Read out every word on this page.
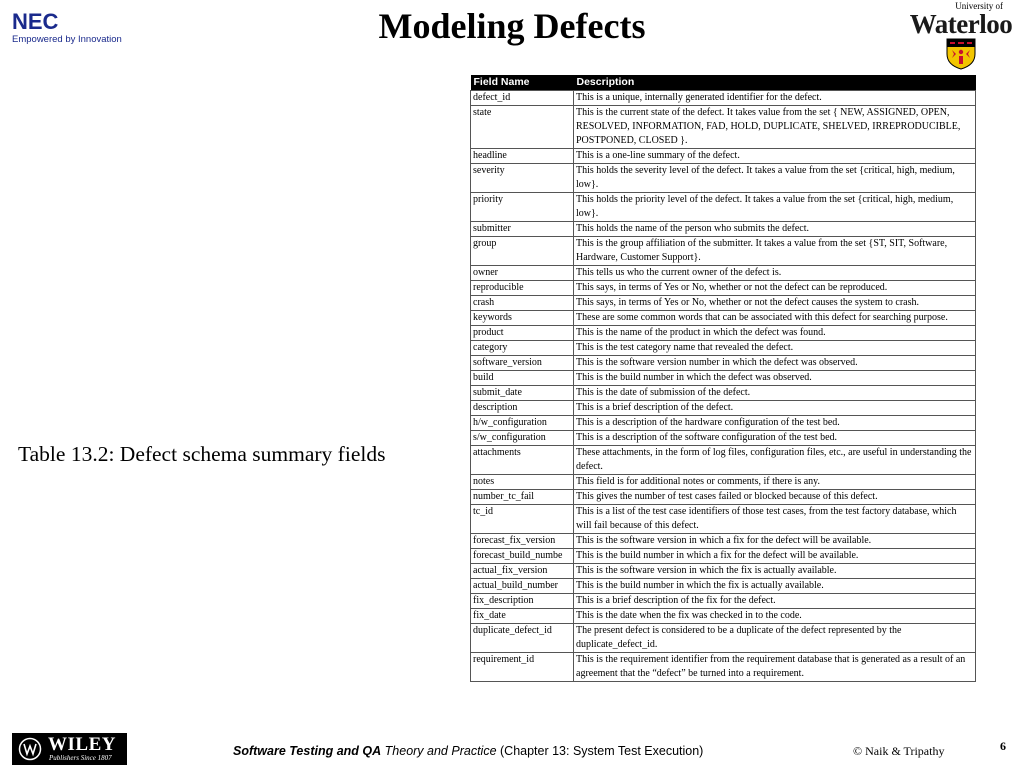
NEC
Empowered by Innovation	Modeling Defects	University of
Waterloo
Table 13.2: Defect schema summary fields
Field Name	Description
defect_id	This is a unique, internally generated identifier for the defect.
state	This is the current state of the defect. It takes value from the set { NEW, ASSIGNED, OPEN, RESOLVED, INFORMATION, FAD, HOLD, DUPLICATE, SHELVED, IRREPRODUCIBLE, POSTPONED, CLOSED }.
headline	This is a one-line summary of the defect.
severity	This holds the severity level of the defect. It takes a value from the set {critical, high, medium, low}.
priority	This holds the priority level of the defect. It takes a value from the set {critical, high, medium, low}.
submitter	This holds the name of the person who submits the defect.
group	This is the group affiliation of the submitter. It takes a value from the set {ST, SIT, Software, Hardware, Customer Support}.
owner	This tells us who the current owner of the defect is.
reproducible	This says, in terms of Yes or No, whether or not the defect can be reproduced.
crash	This says, in terms of Yes or No, whether or not the defect causes the system to crash.
keywords	These are some common words that can be associated with this defect for searching purpose.
product	This is the name of the product in which the defect was found.
category	This is the test category name that revealed the defect.
software_version	This is the software version number in which the defect was observed.
build	This is the build number in which the defect was observed.
submit_date	This is the date of submission of the defect.
description	This is a brief description of the defect.
h/w_configuration	This is a description of the hardware configuration of the test bed.
s/w_configuration	This is a description of the software configuration of the test bed.
attachments	These attachments, in the form of log files, configuration files, etc., are useful in understanding the defect.
notes	This field is for additional notes or comments, if there is any.
number_tc_fail	This gives the number of test cases failed or blocked because of this defect.
tc_id	This is a list of the test case identifiers of those test cases, from the test factory database, which will fail because of this defect.
forecast_fix_version	This is the software version in which a fix for the defect will be available.
forecast_build_numbe	This is the build number in which a fix for the defect will be available.
actual_fix_version	This is the software version in which the fix is actually available.
actual_build_number	This is the build number in which the fix is actually available.
fix_description	This is a brief description of the fix for the defect.
fix_date	This is the date when the fix was checked in to the code.
duplicate_defect_id	The present defect is considered to be a duplicate of the defect represented by the duplicate_defect_id.
requirement_id	This is the requirement identifier from the requirement database that is generated as a result of an agreement that the “defect” be turned into a requirement.
WILEY
Publishers Since 1807	Software Testing and QA Theory and Practice (Chapter 13: System Test Execution)	© Naik & Tripathy	6
